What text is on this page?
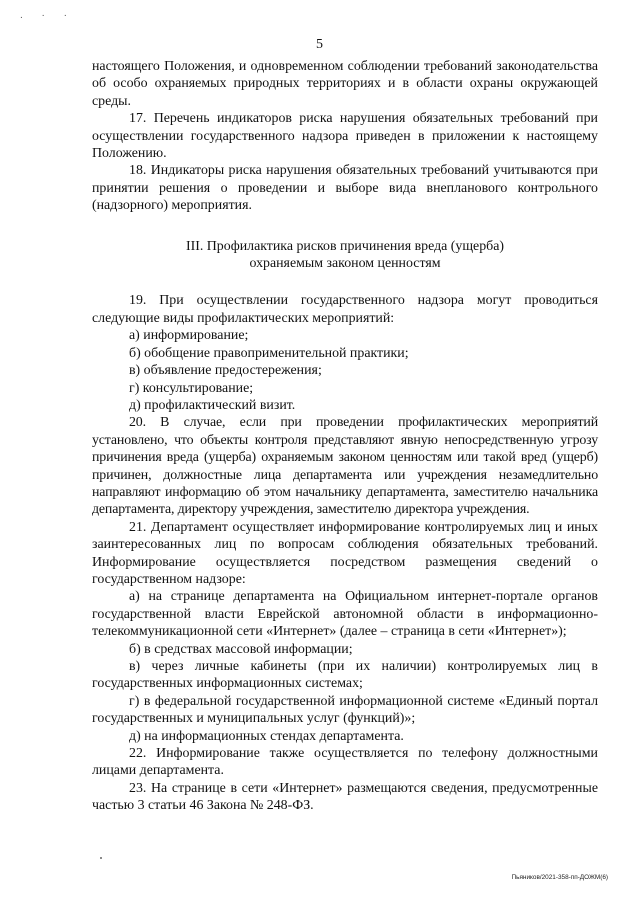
. · ·
5

настоящего Положения, и одновременном соблюдении требований законодательства об особо охраняемых природных территориях и в области охраны окружающей среды.

17. Перечень индикаторов риска нарушения обязательных требований при осуществлении государственного надзора приведен в приложении к настоящему Положению.

18. Индикаторы риска нарушения обязательных требований учитываются при принятии решения о проведении и выборе вида внепланового контрольного (надзорного) мероприятия.

III. Профилактика рисков причинения вреда (ущерба)

охраняемым законом ценностям

19. При осуществлении государственного надзора могут проводиться следующие виды профилактических мероприятий:

а) информирование;

б) обобщение правоприменительной практики;

в) объявление предостережения;

г) консультирование;

д) профилактический визит.

20. В случае, если при проведении профилактических мероприятий установлено, что объекты контроля представляют явную непосредственную угрозу причинения вреда (ущерба) охраняемым законом ценностям или такой вред (ущерб) причинен, должностные лица департамента или учреждения незамедлительно направляют информацию об этом начальнику департамента, заместителю начальника департамента, директору учреждения, заместителю директора учреждения.

21. Департамент осуществляет информирование контролируемых лиц и иных заинтересованных лиц по вопросам соблюдения обязательных требований. Информирование осуществляется посредством размещения сведений о государственном надзоре:

а) на странице департамента на Официальном интернет-портале органов государственной власти Еврейской автономной области в информационно-телекоммуникационной сети «Интернет» (далее – страница в сети «Интернет»);

б) в средствах массовой информации;

в) через личные кабинеты (при их наличии) контролируемых лиц в государственных информационных системах;

г) в федеральной государственной информационной системе «Единый портал государственных и муниципальных услуг (функций)»;

д) на информационных стендах департамента.

22. Информирование также осуществляется по телефону должностными лицами департамента.

23. На странице в сети «Интернет» размещаются сведения, предусмотренные частью 3 статьи 46 Закона № 248-ФЗ.

Пьяников/2021-358-пп-ДОЖМ(6)
